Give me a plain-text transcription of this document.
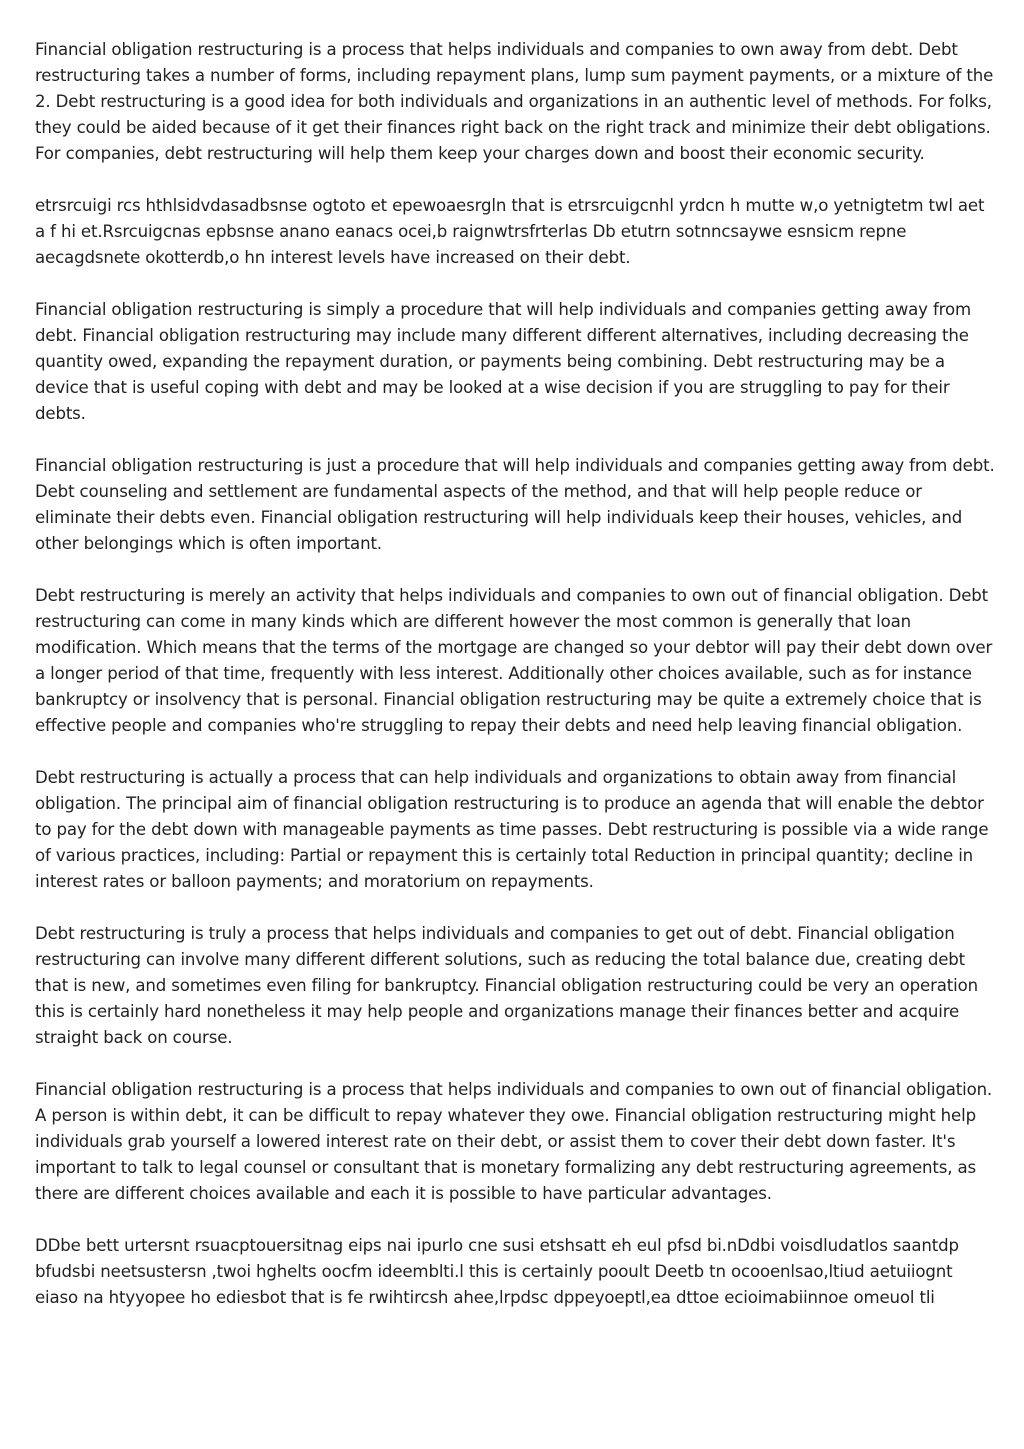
Financial obligation restructuring is a process that helps individuals and companies to own away from debt. Debt restructuring takes a number of forms, including repayment plans, lump sum payment payments, or a mixture of the 2. Debt restructuring is a good idea for both individuals and organizations in an authentic level of methods. For folks, they could be aided because of it get their finances right back on the right track and minimize their debt obligations. For companies, debt restructuring will help them keep your charges down and boost their economic security.

etrsrcuigi rcs hthlsidvdasadbsnse ogtoto et epewoaesrgln that is etrsrcuigcnhl yrdcn h mutte w,o yetnigtetm twl aet a f hi et.Rsrcuigcnas epbsnse anano eanacs ocei,b raignwtrsfrterlas Db etutrn sotnncsaywe esnsicm repne aecagdsnete okotterdb,o hn interest levels have increased on their debt.

Financial obligation restructuring is simply a procedure that will help individuals and companies getting away from debt. Financial obligation restructuring may include many different different alternatives, including decreasing the quantity owed, expanding the repayment duration, or payments being combining. Debt restructuring may be a device that is useful coping with debt and may be looked at a wise decision if you are struggling to pay for their debts.

Financial obligation restructuring is just a procedure that will help individuals and companies getting away from debt. Debt counseling and settlement are fundamental aspects of the method, and that will help people reduce or eliminate their debts even. Financial obligation restructuring will help individuals keep their houses, vehicles, and other belongings which is often important.

Debt restructuring is merely an activity that helps individuals and companies to own out of financial obligation. Debt restructuring can come in many kinds which are different however the most common is generally that loan modification. Which means that the terms of the mortgage are changed so your debtor will pay their debt down over a longer period of that time, frequently with less interest. Additionally other choices available, such as for instance bankruptcy or insolvency that is personal. Financial obligation restructuring may be quite a extremely choice that is effective people and companies who're struggling to repay their debts and need help leaving financial obligation.

Debt restructuring is actually a process that can help individuals and organizations to obtain away from financial obligation. The principal aim of financial obligation restructuring is to produce an agenda that will enable the debtor to pay for the debt down with manageable payments as time passes. Debt restructuring is possible via a wide range of various practices, including: Partial or repayment this is certainly total Reduction in principal quantity; decline in interest rates or balloon payments; and moratorium on repayments.

Debt restructuring is truly a process that helps individuals and companies to get out of debt. Financial obligation restructuring can involve many different different solutions, such as reducing the total balance due, creating debt that is new, and sometimes even filing for bankruptcy. Financial obligation restructuring could be very an operation this is certainly hard nonetheless it may help people and organizations manage their finances better and acquire straight back on course.

Financial obligation restructuring is a process that helps individuals and companies to own out of financial obligation. A person is within debt, it can be difficult to repay whatever they owe. Financial obligation restructuring might help individuals grab yourself a lowered interest rate on their debt, or assist them to cover their debt down faster. It's important to talk to legal counsel or consultant that is monetary formalizing any debt restructuring agreements, as there are different choices available and each it is possible to have particular advantages.

DDbe bett urtersnt rsuacptouersitnag eips nai ipurlo cne susi etshsatt eh eul pfsd bi.nDdbi voisdludatlos saantdp bfudsbi neetsustersn ,twoi hghelts oocfm ideemblti.l this is certainly pooult Deetb tn ocooenlsao,ltiud aetuiiognt eiaso na htyyopee ho ediesbot that is fe rwihtircsh ahee,lrpdsc dppeyoeptl,ea dttoe ecioimabiinnoe omeuol tli
